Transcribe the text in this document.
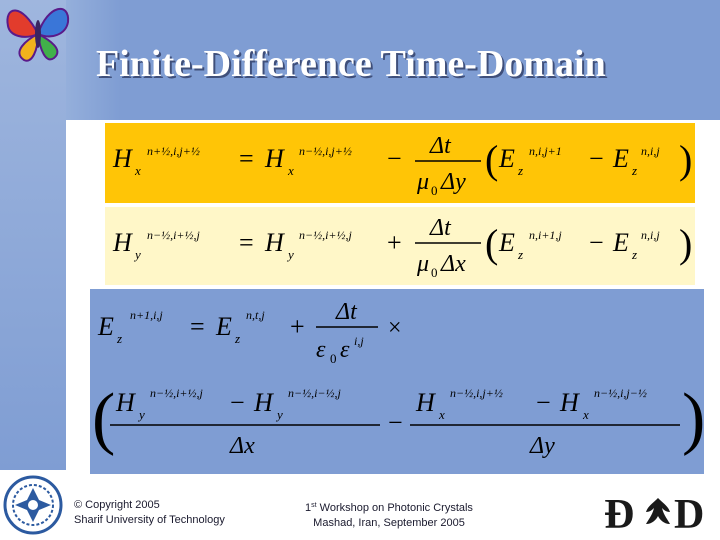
Finite-Difference Time-Domain
H x
n+½,i,j+½ = H x
n−½,i,j+½ − Δt
μ 0 Δy ( E z
n,i,j+1 − E z
n,i,j )
H y
n−½,i+½,j = H y
n−½,i+½,j + Δt
μ 0 Δx ( E z
n,i+1,j − E z
n,i,j )
E z
n+1,i,j = E z
n,t,j + Δt
ε 0 ε i,j ×
( H y
n−½,i+½,j − H y
n−½,i−½,j
Δx
−
H x
n−½,i,j+½ − H x
n−½,i,j−½
Δy )
© Copyright 2005
Sharif University of Technology
1st Workshop on Photonic Crystals
Mashad, Iran, September 2005	Đ D
